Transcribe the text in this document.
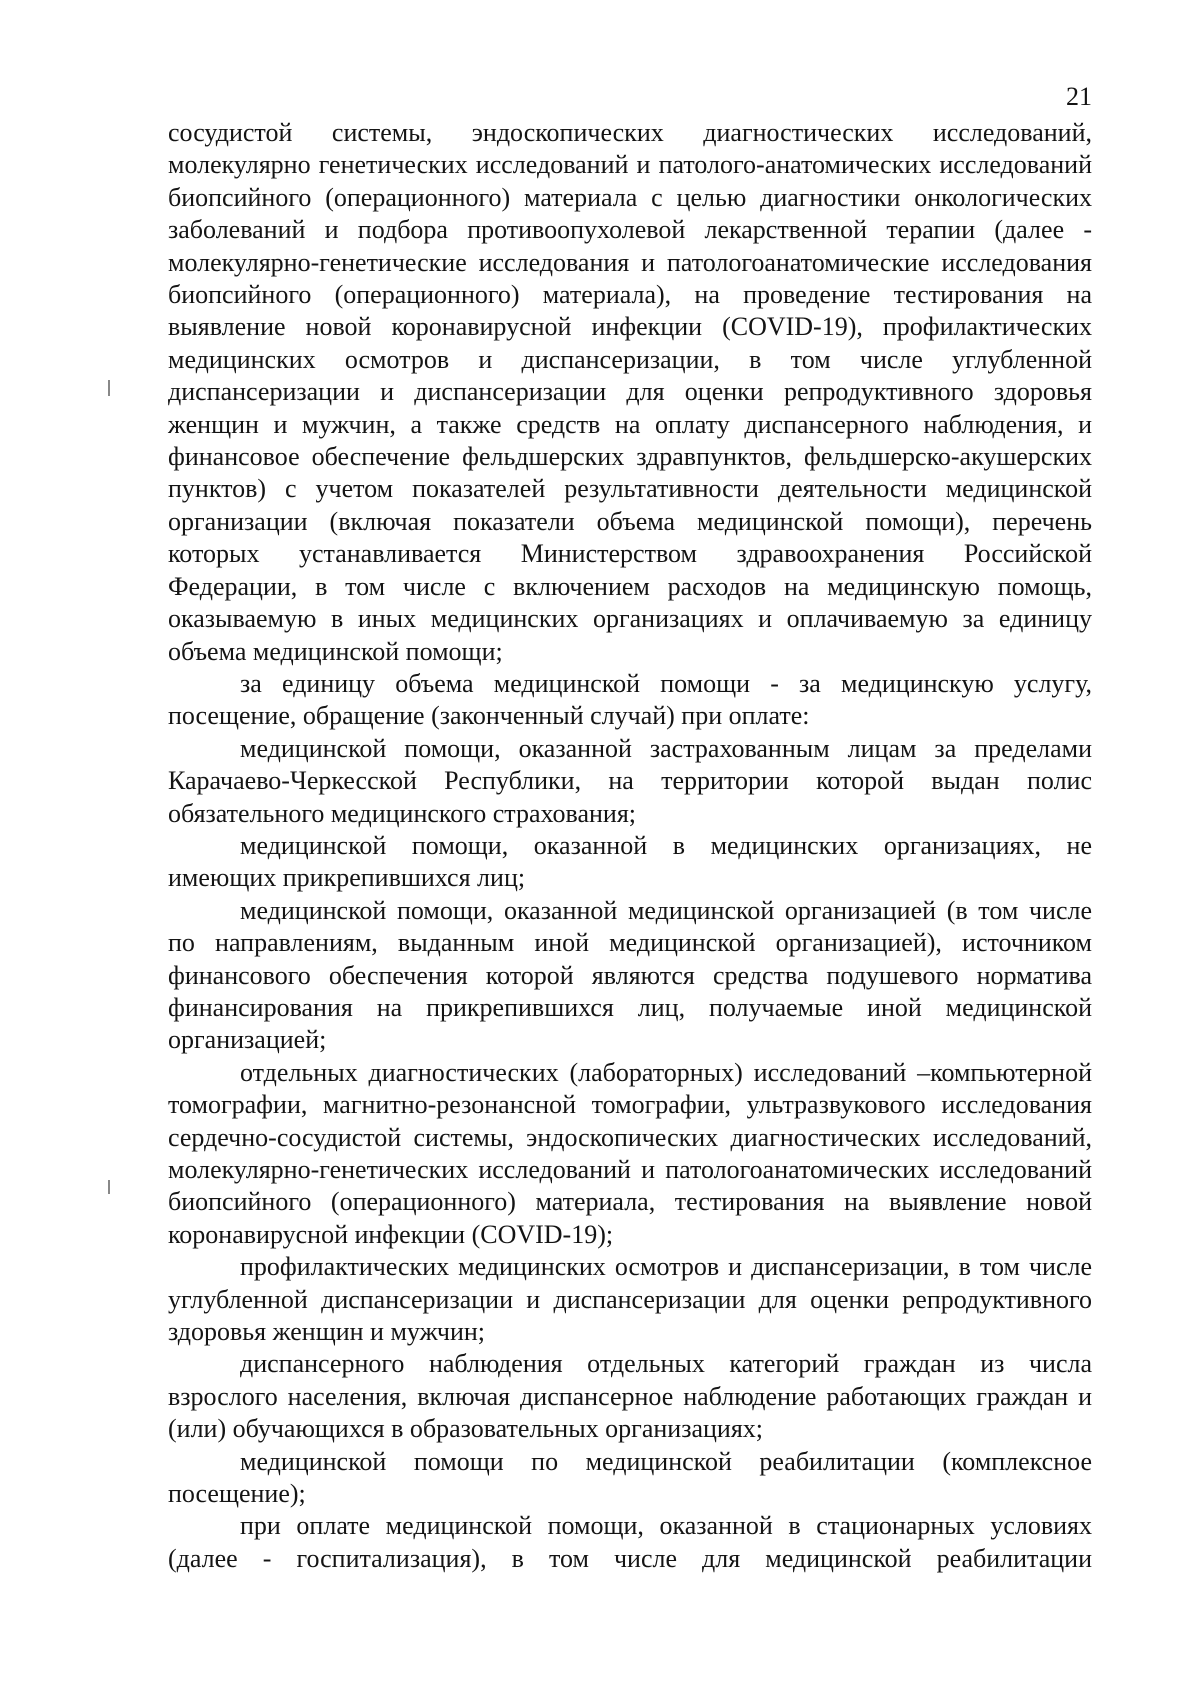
21

сосудистой системы, эндоскопических диагностических исследований, молекулярно генетических исследований и патолого-анатомических исследований биопсийного (операционного) материала с целью диагностики онкологических заболеваний и подбора противоопухолевой лекарственной терапии (далее - молекулярно-генетические исследования и патологоанатомические исследования биопсийного (операционного) материала), на проведение тестирования на выявление новой коронавирусной инфекции (COVID-19), профилактических медицинских осмотров и диспансеризации, в том числе углубленной диспансеризации и диспансеризации для оценки репродуктивного здоровья женщин и мужчин, а также средств на оплату диспансерного наблюдения, и финансовое обеспечение фельдшерских здравпунктов, фельдшерско-акушерских пунктов) с учетом показателей результативности деятельности медицинской организации (включая показатели объема медицинской помощи), перечень которых устанавливается Министерством здравоохранения Российской Федерации, в том числе с включением расходов на медицинскую помощь, оказываемую в иных медицинских организациях и оплачиваемую за единицу объема медицинской помощи;

за единицу объема медицинской помощи - за медицинскую услугу, посещение, обращение (законченный случай) при оплате:

медицинской помощи, оказанной застрахованным лицам за пределами Карачаево-Черкесской Республики, на территории которой выдан полис обязательного медицинского страхования;

медицинской помощи, оказанной в медицинских организациях, не имеющих прикрепившихся лиц;

медицинской помощи, оказанной медицинской организацией (в том числе по направлениям, выданным иной медицинской организацией), источником финансового обеспечения которой являются средства подушевого норматива финансирования на прикрепившихся лиц, получаемые иной медицинской организацией;

отдельных диагностических (лабораторных) исследований –компьютерной томографии, магнитно-резонансной томографии, ультразвукового исследования сердечно-сосудистой системы, эндоскопических диагностических исследований, молекулярно-генетических исследований и патологоанатомических исследований биопсийного (операционного) материала, тестирования на выявление новой коронавирусной инфекции (COVID-19);

профилактических медицинских осмотров и диспансеризации, в том числе углубленной диспансеризации и диспансеризации для оценки репродуктивного здоровья женщин и мужчин;

диспансерного наблюдения отдельных категорий граждан из числа взрослого населения, включая диспансерное наблюдение работающих граждан и (или) обучающихся в образовательных организациях;

медицинской помощи по медицинской реабилитации (комплексное посещение);

при оплате медицинской помощи, оказанной в стационарных условиях (далее - госпитализация), в том числе для медицинской реабилитации
